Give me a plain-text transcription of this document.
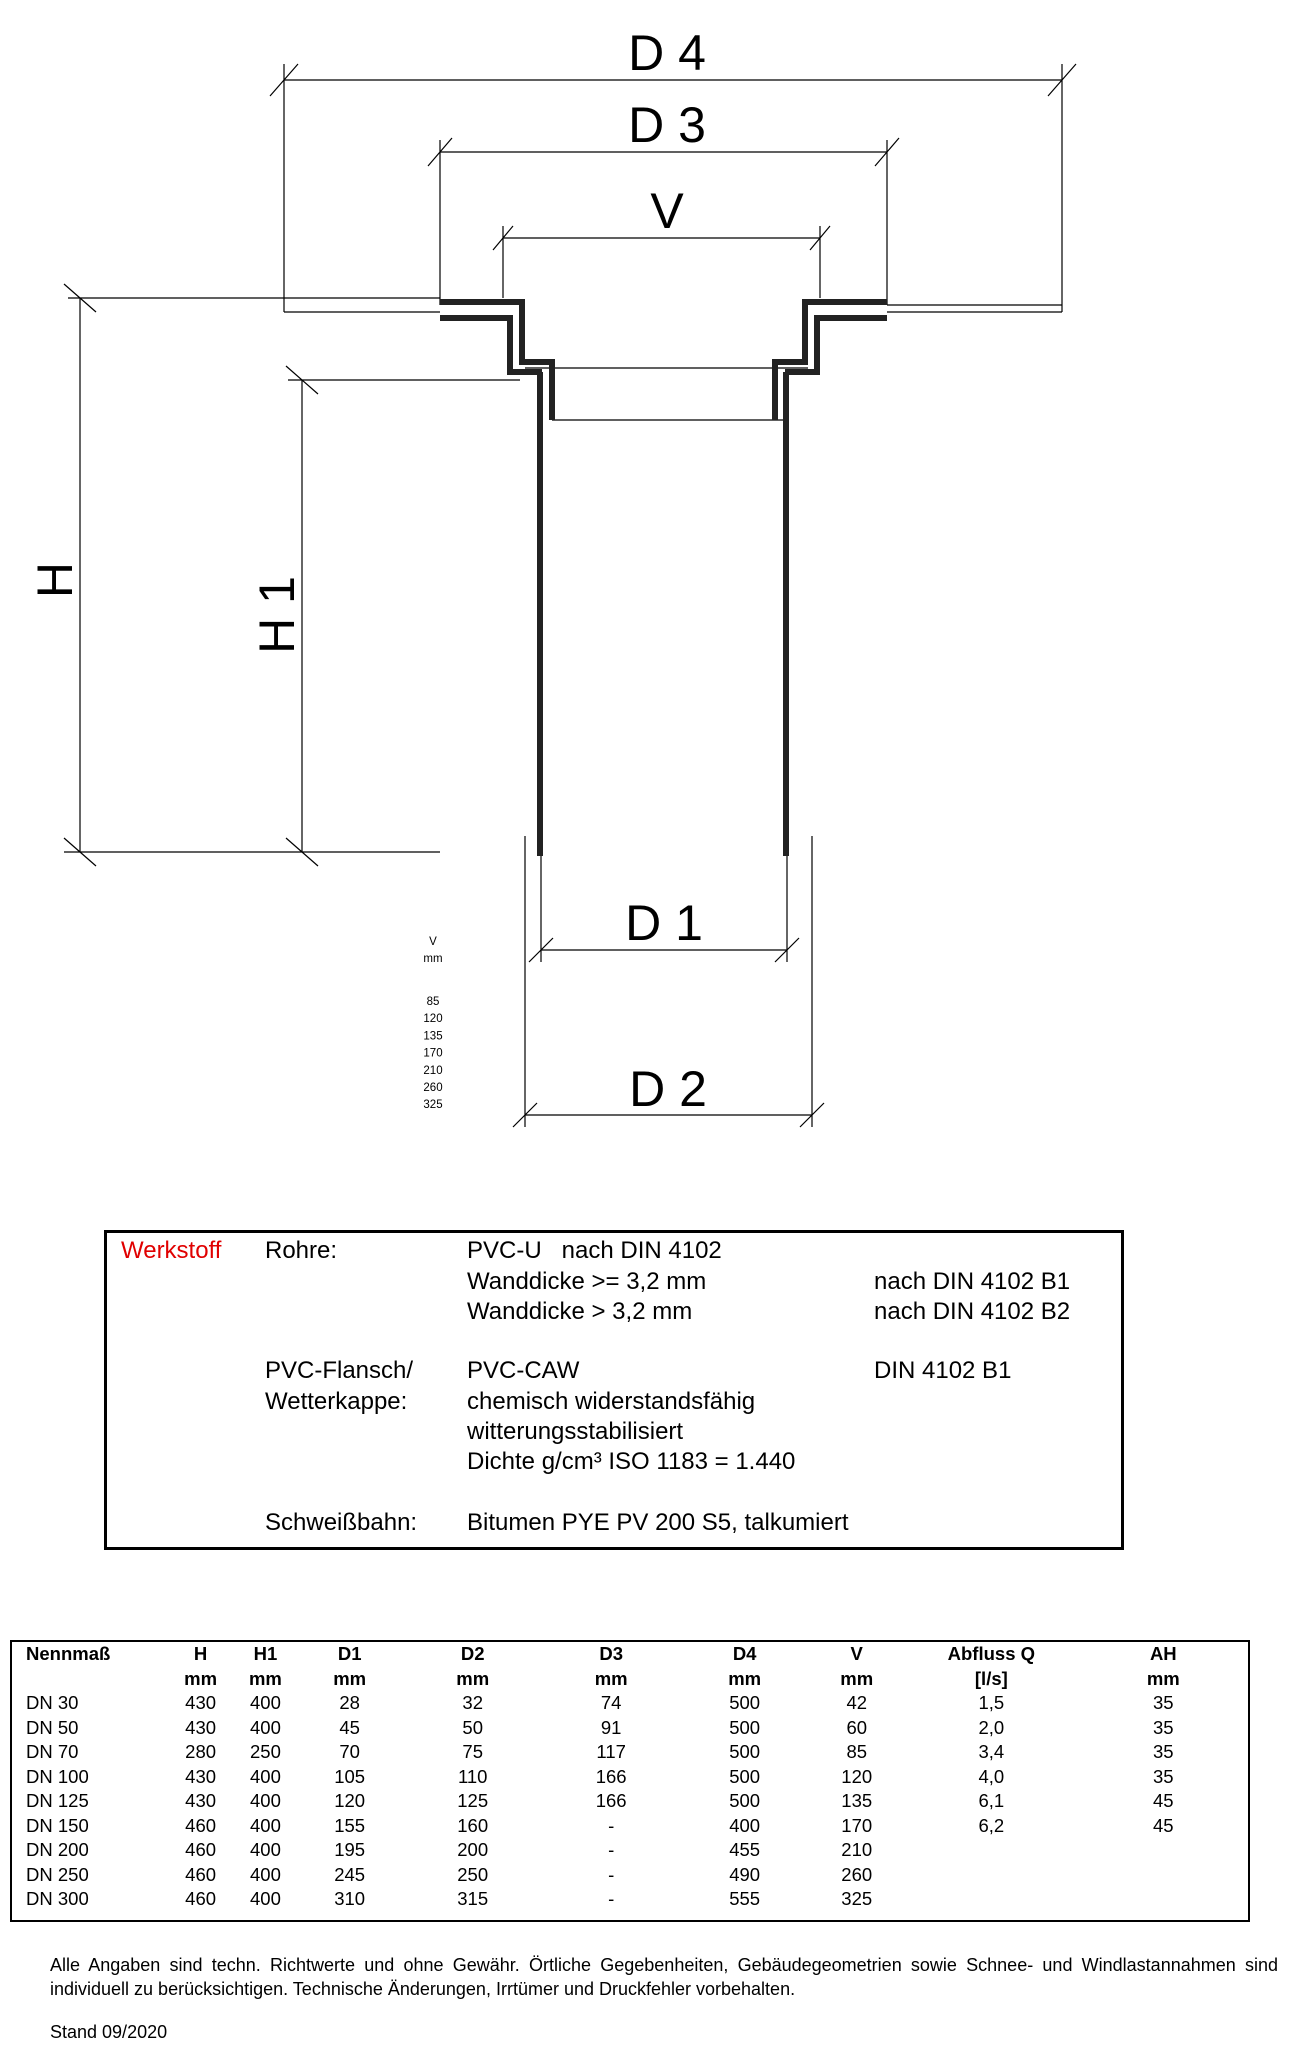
D 4
D 3
V
H	H 1
D 1
D 2
V
mm
85
120
135
170
210
260
325
Werkstoff Rohre:	PVC-U   nach DIN 4102
Wanddicke >= 3,2 mm	nach DIN 4102 B1
Wanddicke > 3,2 mm	nach DIN 4102 B2
PVC-Flansch/
Wetterkappe:
PVC-CAW	DIN 4102 B1
chemisch widerstandsfähig
witterungsstabilisiert
Dichte g/cm³ ISO 1183 = 1.440
Schweißbahn: Bitumen PYE PV 200 S5, talkumiert
Nennmaß	H	H1	D1	D2	D3	D4	V	Abfluss Q	AH
	mm	mm	mm	mm	mm	mm	mm	[l/s]	mm
DN 30	430	400	28	32	74	500	42	1,5	35
DN 50	430	400	45	50	91	500	60	2,0	35
DN 70	280	250	70	75	117	500	85	3,4	35
DN 100	430	400	105	110	166	500	120	4,0	35
DN 125	430	400	120	125	166	500	135	6,1	45
DN 150	460	400	155	160	-	400	170	6,2	45
DN 200	460	400	195	200	-	455	210		
DN 250	460	400	245	250	-	490	260		
DN 300	460	400	310	315	-	555	325		
Alle Angaben sind techn. Richtwerte und ohne Gewähr. Örtliche Gegebenheiten, Gebäudegeometrien sowie Schnee- und Windlastannahmen sind individuell zu berücksichtigen. Technische Änderungen, Irrtümer und Druckfehler vorbehalten.
Stand 09/2020
